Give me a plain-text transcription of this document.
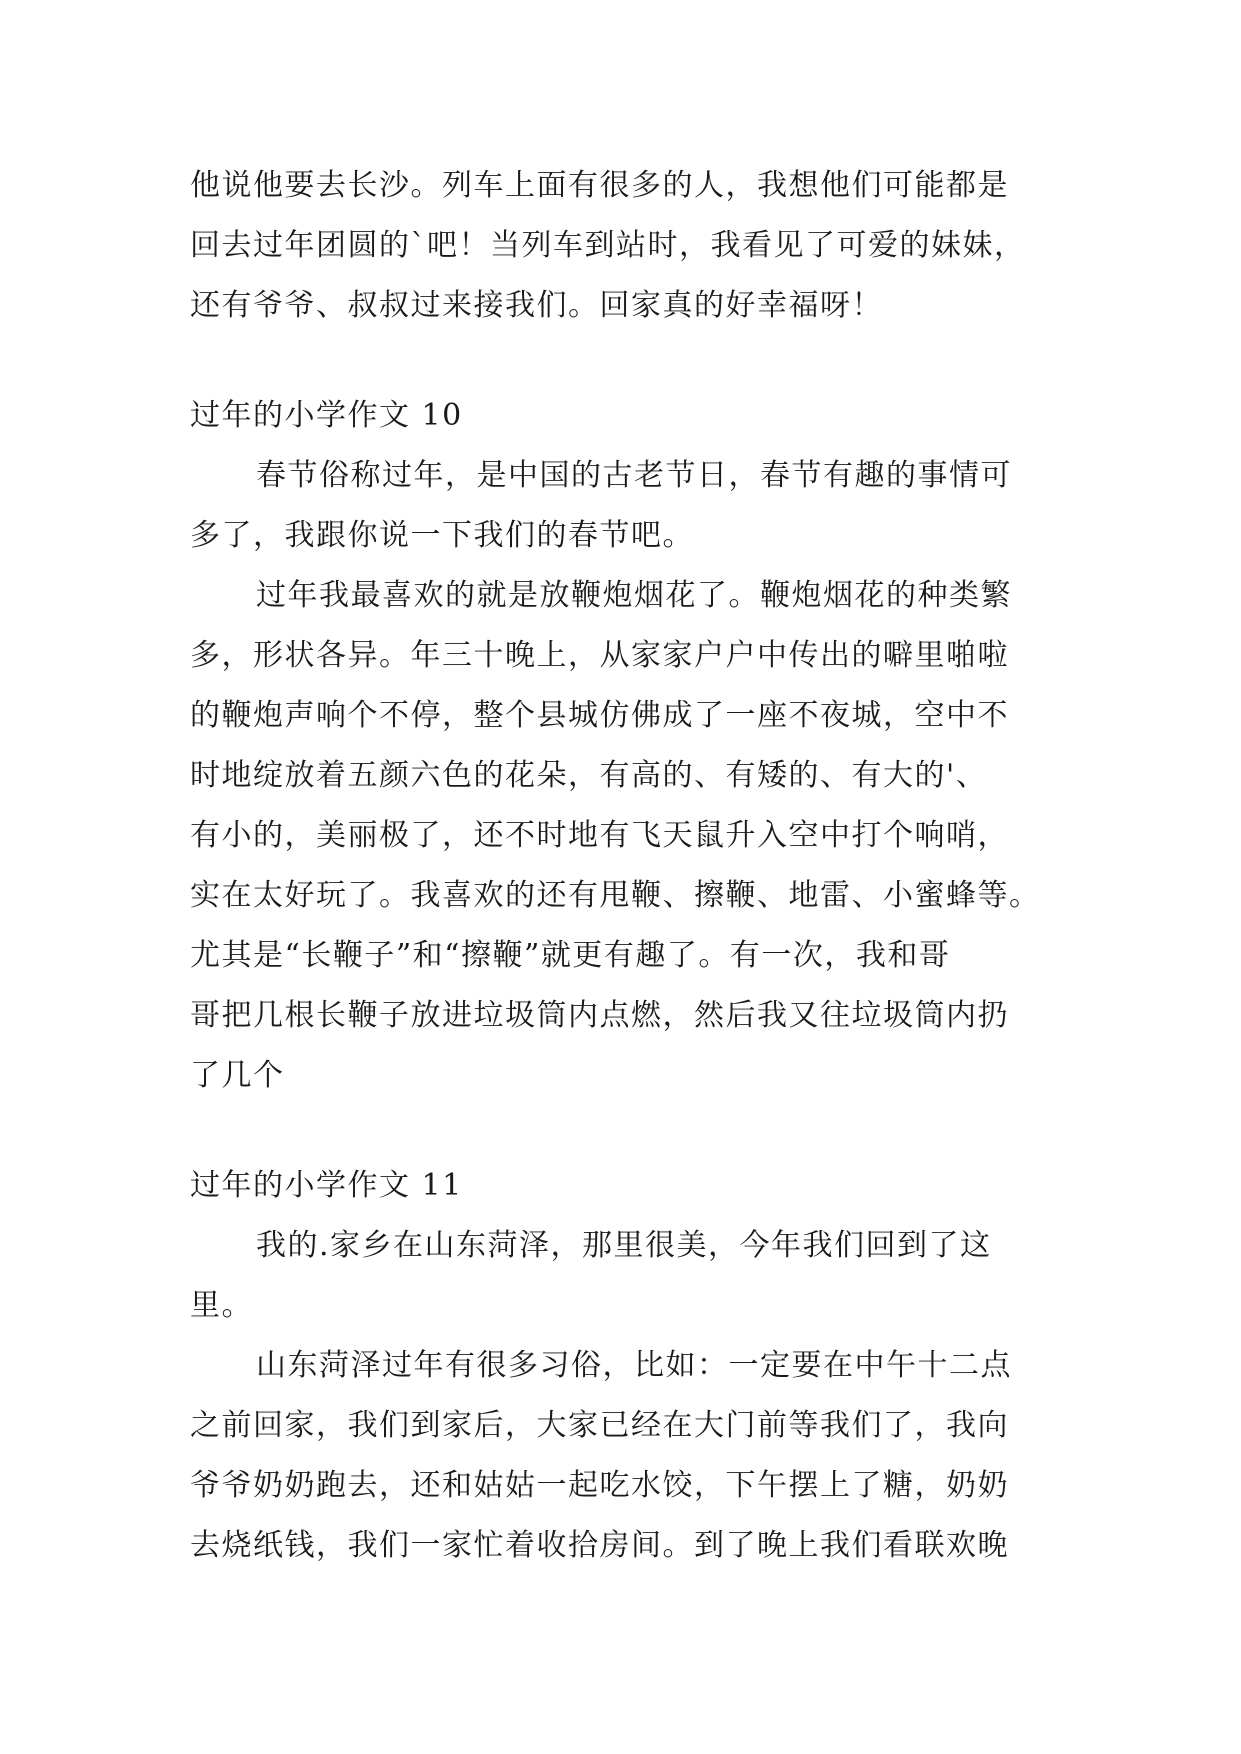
他说他要去长沙。列车上面有很多的人，我想他们可能都是
回去过年团圆的`吧！当列车到站时，我看见了可爱的妹妹，
还有爷爷、叔叔过来接我们。回家真的好幸福呀！
过年的小学作文 10
春节俗称过年，是中国的古老节日，春节有趣的事情可
多了，我跟你说一下我们的春节吧。
过年我最喜欢的就是放鞭炮烟花了。鞭炮烟花的种类繁
多，形状各异。年三十晚上，从家家户户中传出的噼里啪啦
的鞭炮声响个不停，整个县城仿佛成了一座不夜城，空中不
时地绽放着五颜六色的花朵，有高的、有矮的、有大的'、
有小的，美丽极了，还不时地有飞天鼠升入空中打个响哨，
实在太好玩了。我喜欢的还有甩鞭、擦鞭、地雷、小蜜蜂等。
尤其是“长鞭子”和“擦鞭”就更有趣了。有一次，我和哥
哥把几根长鞭子放进垃圾筒内点燃，然后我又往垃圾筒内扔
了几个
过年的小学作文 11
我的.家乡在山东菏泽，那里很美，今年我们回到了这
里。
山东菏泽过年有很多习俗，比如：一定要在中午十二点
之前回家，我们到家后，大家已经在大门前等我们了，我向
爷爷奶奶跑去，还和姑姑一起吃水饺，下午摆上了糖，奶奶
去烧纸钱，我们一家忙着收拾房间。到了晚上我们看联欢晚
